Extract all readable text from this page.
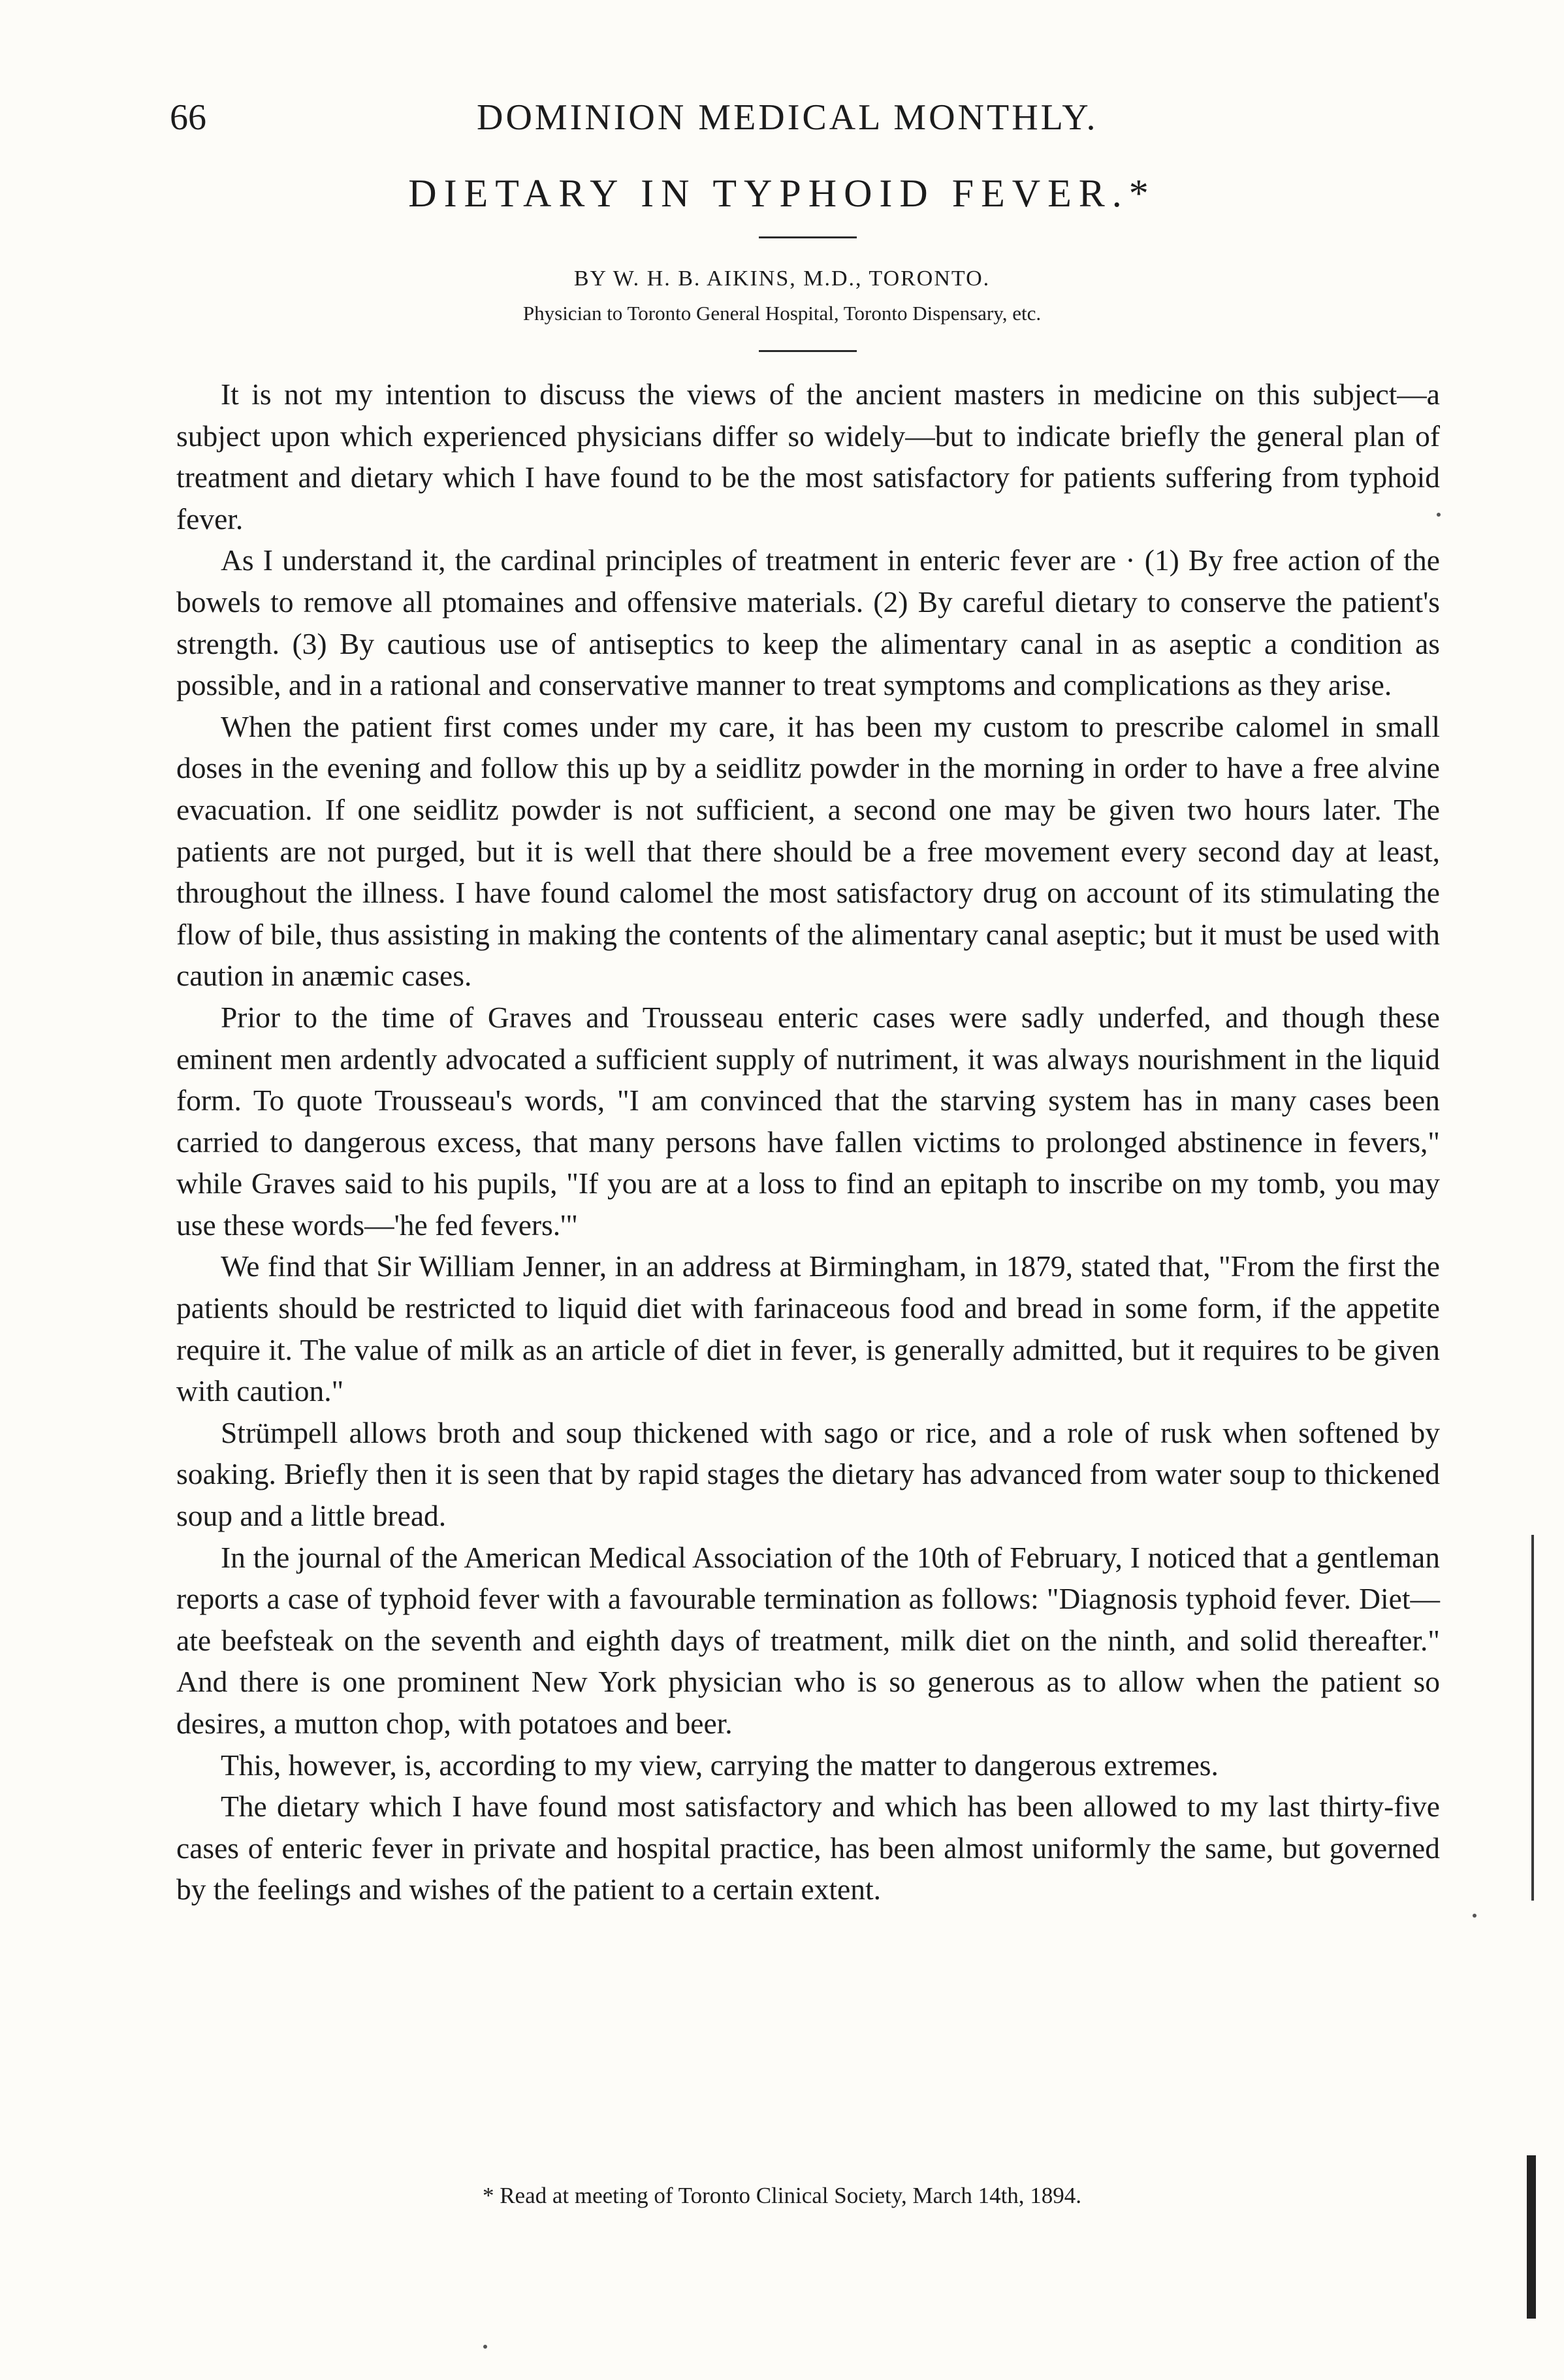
66	DOMINION MEDICAL MONTHLY.
DIETARY IN TYPHOID FEVER.*
BY W. H. B. AIKINS, M.D., TORONTO.
Physician to Toronto General Hospital, Toronto Dispensary, etc.

It is not my intention to discuss the views of the ancient masters in medicine on this subject—a subject upon which experienced physicians differ so widely—but to indicate briefly the general plan of treatment and dietary which I have found to be the most satisfactory for patients suffering from typhoid fever.

As I understand it, the cardinal principles of treatment in enteric fever are · (1) By free action of the bowels to remove all ptomaines and offensive materials. (2) By careful dietary to conserve the patient's strength. (3) By cautious use of antiseptics to keep the alimentary canal in as aseptic a condition as possible, and in a rational and conservative manner to treat symptoms and complications as they arise.

When the patient first comes under my care, it has been my custom to prescribe calomel in small doses in the evening and follow this up by a seidlitz powder in the morning in order to have a free alvine evacuation. If one seidlitz powder is not sufficient, a second one may be given two hours later. The patients are not purged, but it is well that there should be a free movement every second day at least, throughout the illness. I have found calomel the most satisfactory drug on account of its stimulating the flow of bile, thus assisting in making the contents of the alimentary canal aseptic; but it must be used with caution in anæmic cases.

Prior to the time of Graves and Trousseau enteric cases were sadly underfed, and though these eminent men ardently advocated a sufficient supply of nutriment, it was always nourishment in the liquid form. To quote Trousseau's words, "I am convinced that the starving system has in many cases been carried to dangerous excess, that many persons have fallen victims to prolonged abstinence in fevers," while Graves said to his pupils, "If you are at a loss to find an epitaph to inscribe on my tomb, you may use these words—'he fed fevers.'"

We find that Sir William Jenner, in an address at Birmingham, in 1879, stated that, "From the first the patients should be restricted to liquid diet with farinaceous food and bread in some form, if the appetite require it. The value of milk as an article of diet in fever, is generally admitted, but it requires to be given with caution."

Strümpell allows broth and soup thickened with sago or rice, and a role of rusk when softened by soaking. Briefly then it is seen that by rapid stages the dietary has advanced from water soup to thickened soup and a little bread.

In the journal of the American Medical Association of the 10th of February, I noticed that a gentleman reports a case of typhoid fever with a favourable termination as follows: "Diagnosis typhoid fever. Diet—ate beefsteak on the seventh and eighth days of treatment, milk diet on the ninth, and solid thereafter." And there is one prominent New York physician who is so generous as to allow when the patient so desires, a mutton chop, with potatoes and beer.

This, however, is, according to my view, carrying the matter to dangerous extremes.

The dietary which I have found most satisfactory and which has been allowed to my last thirty-five cases of enteric fever in private and hospital practice, has been almost uniformly the same, but governed by the feelings and wishes of the patient to a certain extent.

* Read at meeting of Toronto Clinical Society, March 14th, 1894.
